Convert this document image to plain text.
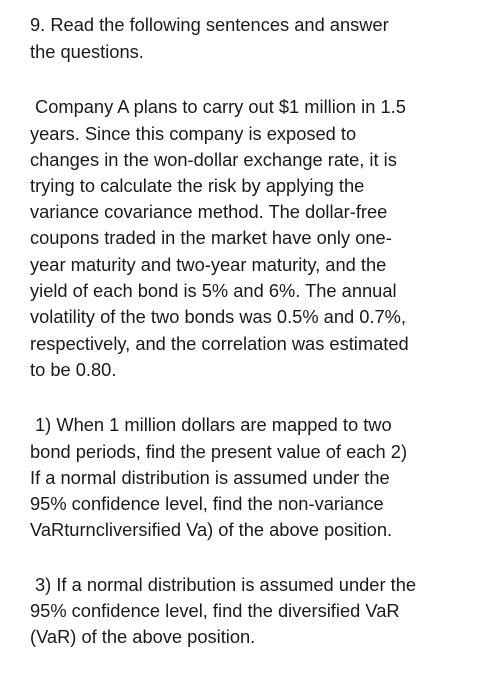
9. Read the following sentences and answer
the questions.
Company A plans to carry out $1 million in 1.5
years. Since this company is exposed to
changes in the won-dollar exchange rate, it is
trying to calculate the risk by applying the
variance covariance method. The dollar-free
coupons traded in the market have only one-
year maturity and two-year maturity, and the
yield of each bond is 5% and 6%. The annual
volatility of the two bonds was 0.5% and 0.7%,
respectively, and the correlation was estimated
to be 0.80.
1) When 1 million dollars are mapped to two
bond periods, find the present value of each 2)
If a normal distribution is assumed under the
95% confidence level, find the non-variance
VaRturncliversified Va) of the above position.
3) If a normal distribution is assumed under the
95% confidence level, find the diversified VaR
(VaR) of the above position.
